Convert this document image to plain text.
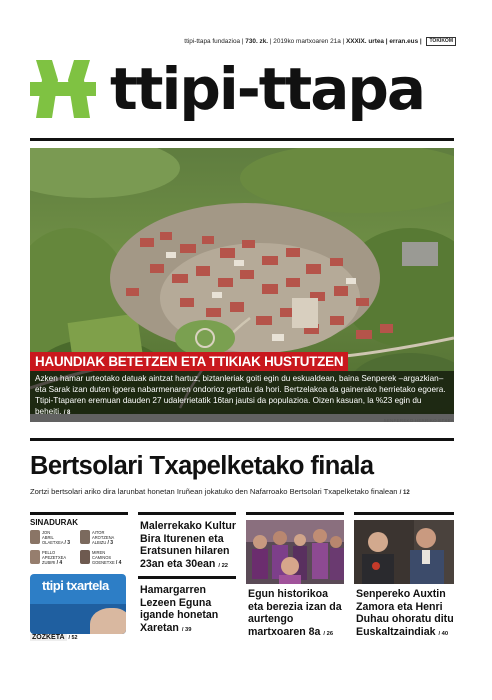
ttipi-ttapa fundazioa | 730. zk. | 2019ko martxoaren 21a | XXXIX. urtea | erran.eus | TOKIKOM
ttipi-ttapa
HAUNDIAK BETETZEN ETA TTIKIAK HUSTUTZEN
Azken hamar urteotako datuak aintzat hartuz, biztanleriak goiti egin du eskualdean, baina Senperek –argazkian– eta Sarak izan duten igoera nabarmenaren ondorioz gertatu da hori. Bertzelakoa da gainerako herrietako egoera. Ttipi-Ttaparen eremuan dauden 27 udalerrietatik 16tan jautsi da populazioa. Oizen kasuan, la %23 egin du beheiti. / 8
SENPEREKO HERRIKO ETXEA
Bertsolari Txapelketako finala
Zortzi bertsolari ariko dira larunbat honetan Iruñean jokatuko den Nafarroako Bertsolari Txapelketako finalean / 12
SINADURAK
JON
ABRIL
OLAETXEA / 3
AITOR
AROTZENA
ALBIZU / 3
PELLO
APEZETXEA
ZUBIRI / 4
MIREN
CAMINOS
GOENETXE / 4
ttipi txartela
ZOZKETA / 52
Malerrekako Kultur Bira Iturenen eta Eratsunen hilaren 23an eta 30ean / 22
Hamargarren Lezeen Eguna igande honetan Xaretan / 39
Egun historikoa eta berezia izan da aurtengo martxoaren 8a / 26
Senpereko Auxtin Zamora eta Henri Duhau ohoratu ditu Euskaltzaindiak / 40
